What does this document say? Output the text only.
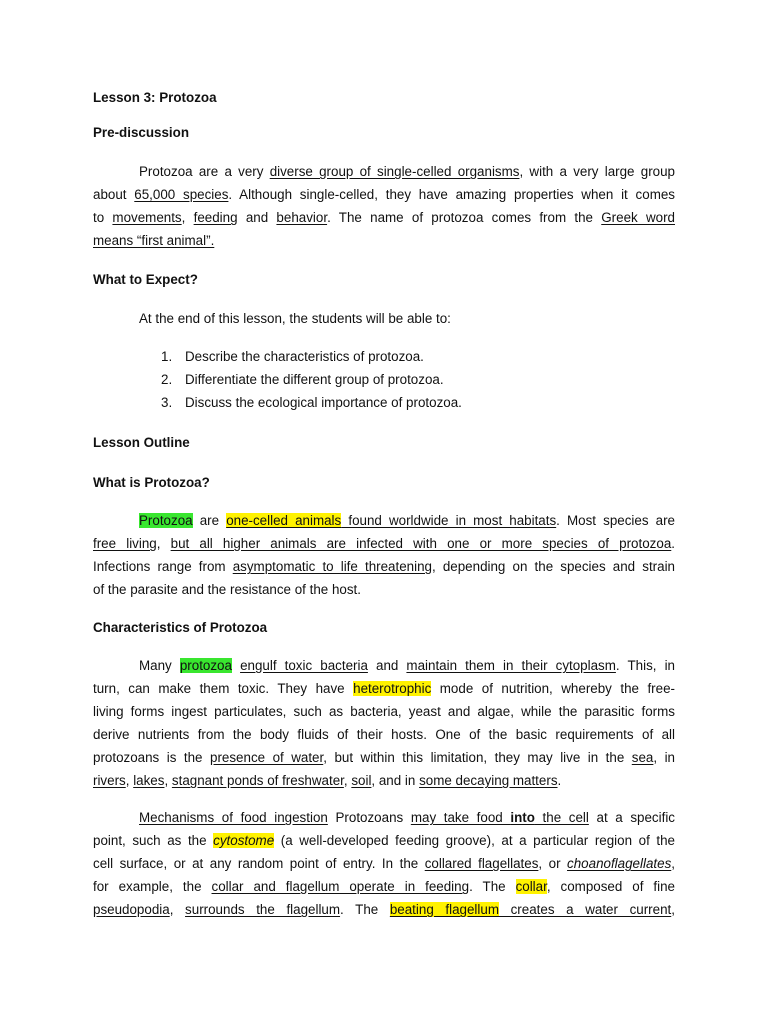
Lesson 3: Protozoa
Pre-discussion
Protozoa are a very diverse group of single-celled organisms, with a very large group
about 65,000 species. Although single-celled, they have amazing properties when it comes
to movements, feeding and behavior. The name of protozoa comes from the Greek word
means “first animal”.
What to Expect?
At the end of this lesson, the students will be able to:
1. Describe the characteristics of protozoa.
2. Differentiate the different group of protozoa.
3. Discuss the ecological importance of protozoa.
Lesson Outline
What is Protozoa?
Protozoa are one-celled animals found worldwide in most habitats. Most species are
free living, but all higher animals are infected with one or more species of protozoa.
Infections range from asymptomatic to life threatening, depending on the species and strain
of the parasite and the resistance of the host.
Characteristics of Protozoa
Many protozoa engulf toxic bacteria and maintain them in their cytoplasm. This, in
turn, can make them toxic. They have heterotrophic mode of nutrition, whereby the free-
living forms ingest particulates, such as bacteria, yeast and algae, while the parasitic forms
derive nutrients from the body fluids of their hosts. One of the basic requirements of all
protozoans is the presence of water, but within this limitation, they may live in the sea, in
rivers, lakes, stagnant ponds of freshwater, soil, and in some decaying matters.
Mechanisms of food ingestion Protozoans may take food into the cell at a specific
point, such as the cytostome (a well-developed feeding groove), at a particular region of the
cell surface, or at any random point of entry. In the collared flagellates, or choanoflagellates,
for example, the collar and flagellum operate in feeding. The collar, composed of fine
pseudopodia, surrounds the flagellum. The beating flagellum creates a water current,
